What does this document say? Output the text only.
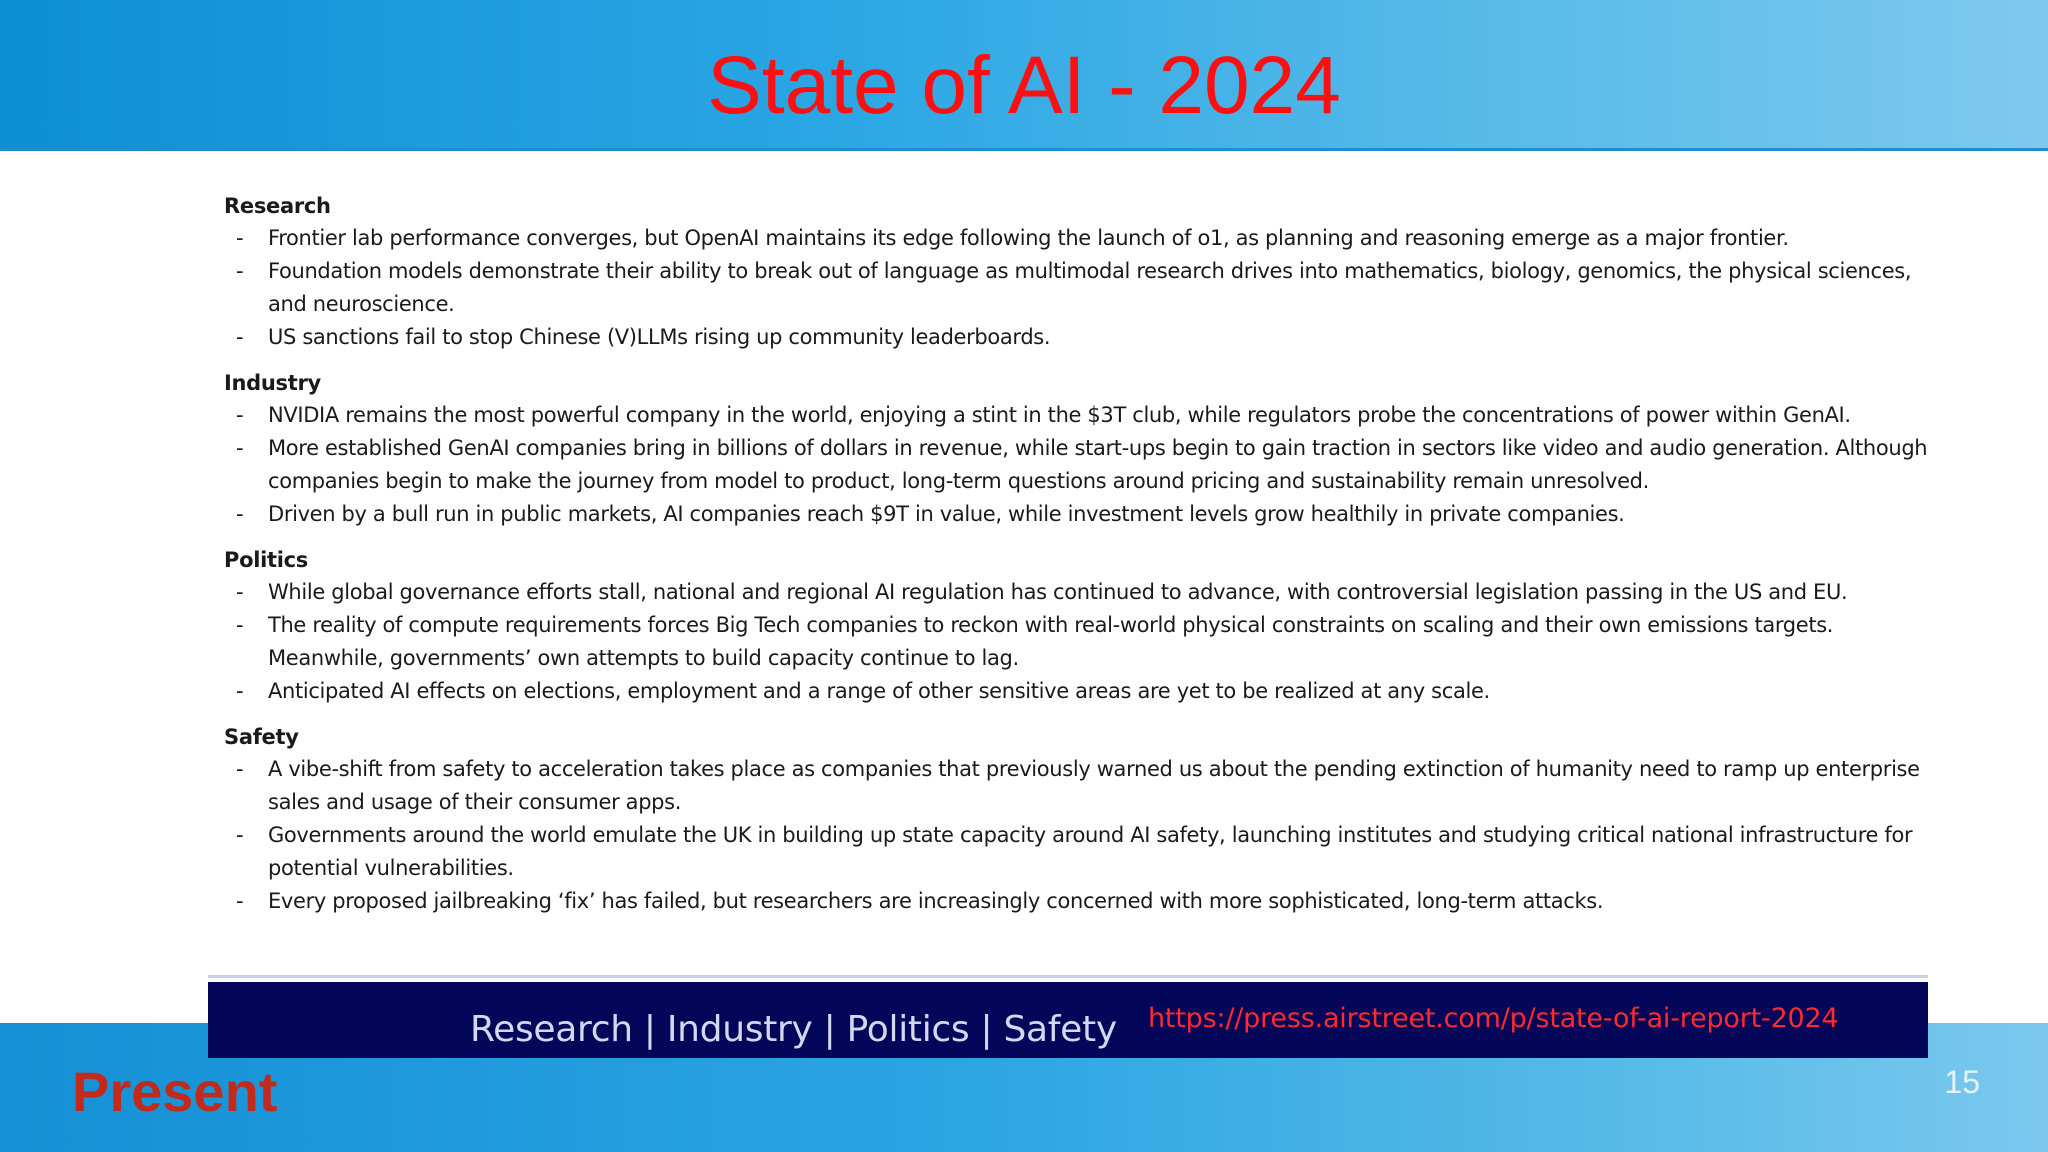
State of AI - 2024

Research

- Frontier lab performance converges, but OpenAI maintains its edge following the launch of o1, as planning and reasoning emerge as a major frontier.
- Foundation models demonstrate their ability to break out of language as multimodal research drives into mathematics, biology, genomics, the physical sciences, and neuroscience.
- US sanctions fail to stop Chinese (V)LLMs rising up community leaderboards.

Industry

- NVIDIA remains the most powerful company in the world, enjoying a stint in the $3T club, while regulators probe the concentrations of power within GenAI.
- More established GenAI companies bring in billions of dollars in revenue, while start-ups begin to gain traction in sectors like video and audio generation. Although companies begin to make the journey from model to product, long-term questions around pricing and sustainability remain unresolved.
- Driven by a bull run in public markets, AI companies reach $9T in value, while investment levels grow healthily in private companies.

Politics

- While global governance efforts stall, national and regional AI regulation has continued to advance, with controversial legislation passing in the US and EU.
- The reality of compute requirements forces Big Tech companies to reckon with real-world physical constraints on scaling and their own emissions targets. Meanwhile, governments’ own attempts to build capacity continue to lag.
- Anticipated AI effects on elections, employment and a range of other sensitive areas are yet to be realized at any scale.

Safety

- A vibe-shift from safety to acceleration takes place as companies that previously warned us about the pending extinction of humanity need to ramp up enterprise sales and usage of their consumer apps.
- Governments around the world emulate the UK in building up state capacity around AI safety, launching institutes and studying critical national infrastructure for potential vulnerabilities.
- Every proposed jailbreaking ‘fix’ has failed, but researchers are increasingly concerned with more sophisticated, long-term attacks.
Research | Industry | Politics | Safety https://press.airstreet.com/p/state-of-ai-report-2024
Present	15
